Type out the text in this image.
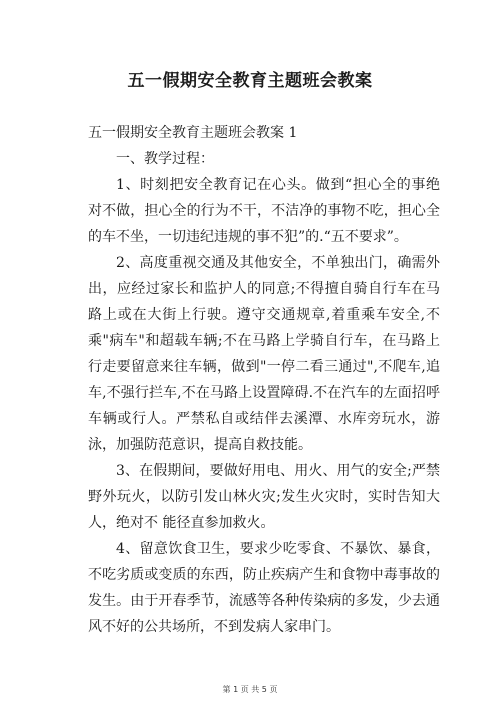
五一假期安全教育主题班会教案

五一假期安全教育主题班会教案 1

一、教学过程：

1、时刻把安全教育记在心头。做到“担心全的事绝对不做，担心全的行为不干，不洁净的事物不吃，担心全的车不坐，一切违纪违规的事不犯”的.“五不要求”。

2、高度重视交通及其他安全，不单独出门，确需外出，应经过家长和监护人的同意;不得擅自骑自行车在马路上或在大街上行驶。遵守交通规章,着重乘车安全,不乘"病车"和超载车辆;不在马路上学骑自行车，在马路上行走要留意来往车辆，做到"一停二看三通过",不爬车,追车,不强行拦车,不在马路上设置障碍.不在汽车的左面招呼车辆或行人。严禁私自或结伴去溪潭、水库旁玩水，游泳，加强防范意识，提高自救技能。

3、在假期间，要做好用电、用火、用气的安全;严禁野外玩火，以防引发山林火灾;发生火灾时，实时告知大人，绝对不 能径直参加救火。

4、留意饮食卫生，要求少吃零食、不暴饮、暴食，不吃劣质或变质的东西，防止疾病产生和食物中毒事故的发生。由于开春季节，流感等各种传染病的多发，少去通风不好的公共场所，不到发病人家串门。

第 1 页 共 5 页
